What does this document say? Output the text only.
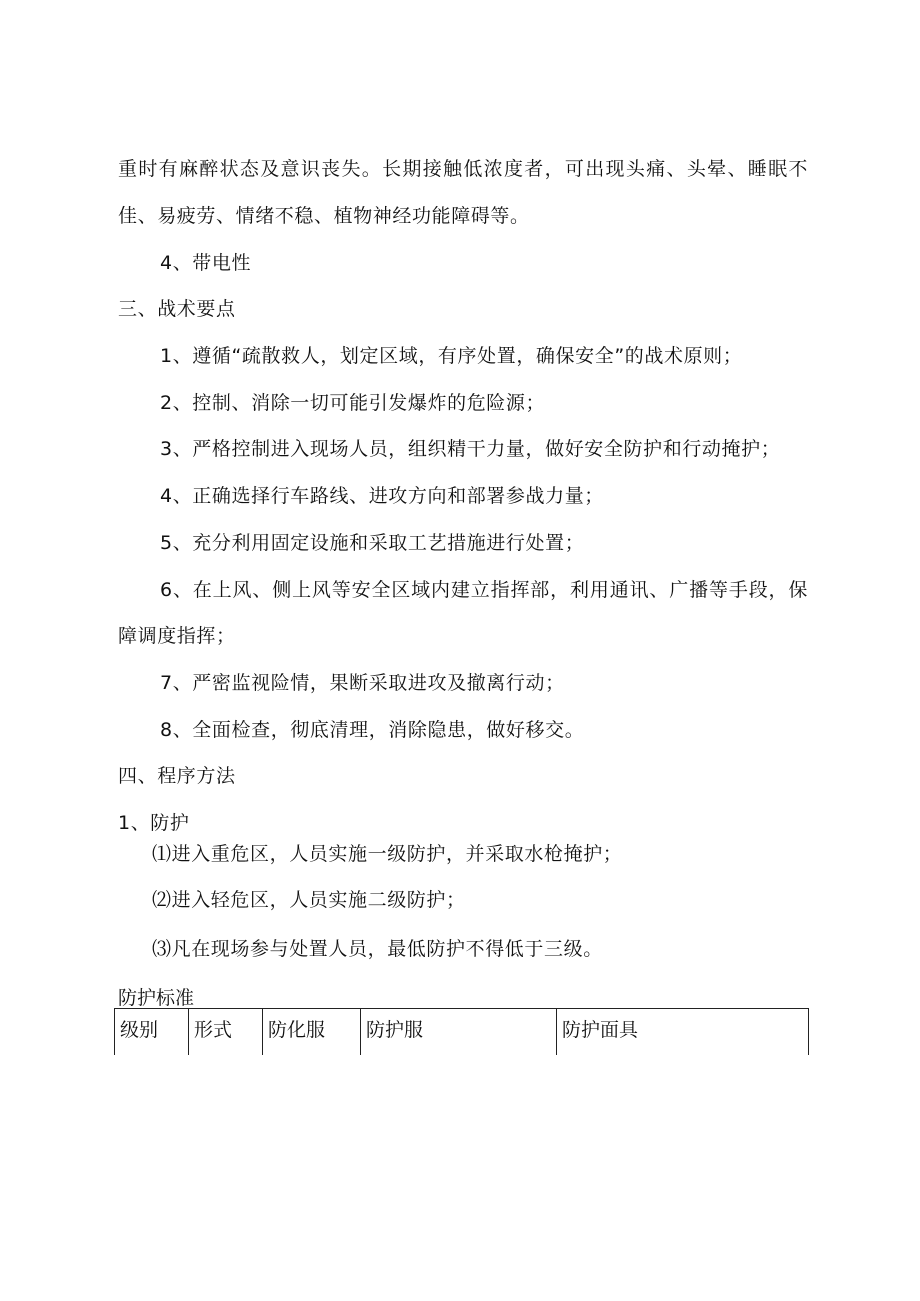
重时有麻醉状态及意识丧失。长期接触低浓度者，可出现头痛、头晕、睡眠不
佳、易疲劳、情绪不稳、植物神经功能障碍等。
4、带电性
三、战术要点
1、遵循“疏散救人，划定区域，有序处置，确保安全”的战术原则；
2、控制、消除一切可能引发爆炸的危险源；
3、严格控制进入现场人员，组织精干力量，做好安全防护和行动掩护；
4、正确选择行车路线、进攻方向和部署参战力量；
5、充分利用固定设施和采取工艺措施进行处置；
6、在上风、侧上风等安全区域内建立指挥部，利用通讯、广播等手段，保
障调度指挥；
7、严密监视险情，果断采取进攻及撤离行动；
8、全面检查，彻底清理，消除隐患，做好移交。
四、程序方法
1、防护
⑴进入重危区，人员实施一级防护，并采取水枪掩护；
⑵进入轻危区，人员实施二级防护；
⑶凡在现场参与处置人员，最低防护不得低于三级。
防护标准
级别	形式	防化服	防护服	防护面具
